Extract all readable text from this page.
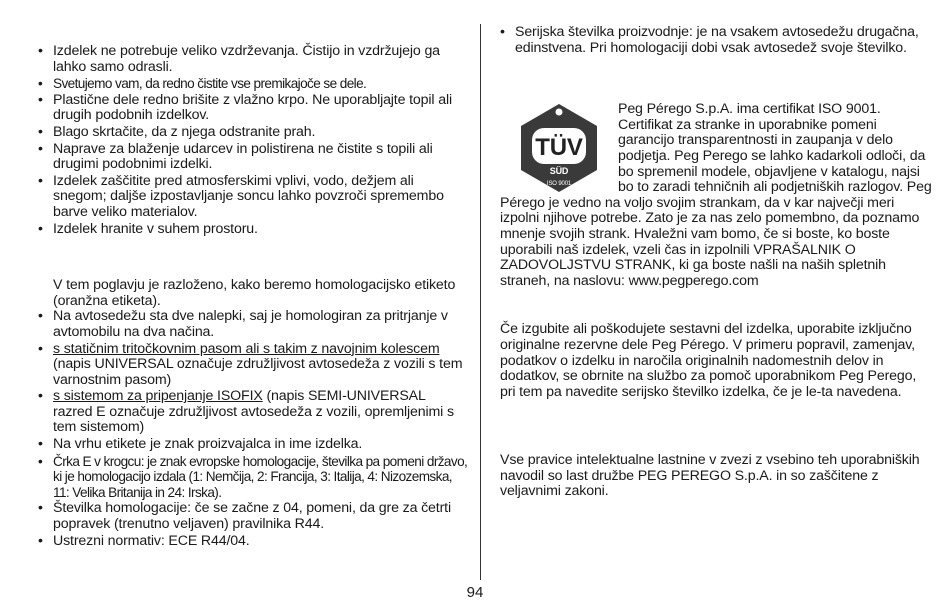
• Izdelek ne potrebuje veliko vzdrževanja. Čistijo in vzdržujejo ga lahko samo odrasli.
• Svetujemo vam, da redno čistite vse premikajoče se dele.
• Plastične dele redno brišite z vlažno krpo. Ne uporabljajte topil ali drugih podobnih izdelkov.
• Blago skrtačite, da z njega odstranite prah.
• Naprave za blaženje udarcev in polistirena ne čistite s topili ali drugimi podobnimi izdelki.
• Izdelek zaščitite pred atmosferskimi vplivi, vodo, dežjem ali snegom; daljše izpostavljanje soncu lahko povzroči spremembo barve veliko materialov.
• Izdelek hranite v suhem prostoru.

V tem poglavju je razloženo, kako beremo homologacijsko etiketo (oranžna etiketa).

• Na avtosedežu sta dve nalepki, saj je homologiran za pritrjanje v avtomobilu na dva načina.
• s statičnim tritočkovnim pasom ali s takim z navojnim kolescem (napis UNIVERSAL označuje združljivost avtosedeža z vozili s tem varnostnim pasom)
• s sistemom za pripenjanje ISOFIX (napis SEMI-UNIVERSAL razred E označuje združljivost avtosedeža z vozili, opremljenimi s tem sistemom)
• Na vrhu etikete je znak proizvajalca in ime izdelka.
• Črka E v krogcu: je znak evropske homologacije, številka pa pomeni državo, ki je homologacijo izdala (1: Nemčija, 2: Francija, 3: Italija, 4: Nizozemska, 11: Velika Britanija in 24: Irska).
• Številka homologacije: če se začne z 04, pomeni, da gre za četrti popravek (trenutno veljaven) pravilnika R44.
• Ustrezni normativ: ECE R44/04.
• Serijska številka proizvodnje: je na vsakem avtosedežu drugačna, edinstvena. Pri homologaciji dobi vsak avtosedež svoje številko.
TÜV
SÜD
ISO 9001

Peg Pérego S.p.A. ima certifikat ISO 9001. Certifikat za stranke in uporabnike pomeni garancijo transparentnosti in zaupanja v delo podjetja. Peg Perego se lahko kadarkoli odloči, da bo spremenil modele, objavljene v katalogu, najsi bo to zaradi tehničnih ali podjetniških razlogov. Peg Pérego je vedno na voljo svojim strankam, da v kar največji meri izpolni njihove potrebe. Zato je za nas zelo pomembno, da poznamo mnenje svojih strank. Hvaležni vam bomo, če si boste, ko boste uporabili naš izdelek, vzeli čas in izpolnili VPRAŠALNIK O ZADOVOLJSTVU STRANK, ki ga boste našli na naših spletnih straneh, na naslovu: www.pegperego.com

Če izgubite ali poškodujete sestavni del izdelka, uporabite izključno originalne rezervne dele Peg Pérego. V primeru popravil, zamenjav, podatkov o izdelku in naročila originalnih nadomestnih delov in dodatkov, se obrnite na službo za pomoč uporabnikom Peg Perego, pri tem pa navedite serijsko številko izdelka, če je le-ta navedena.

Vse pravice intelektualne lastnine v zvezi z vsebino teh uporabniških navodil so last družbe PEG PEREGO S.p.A. in so zaščitene z veljavnimi zakoni.

94
